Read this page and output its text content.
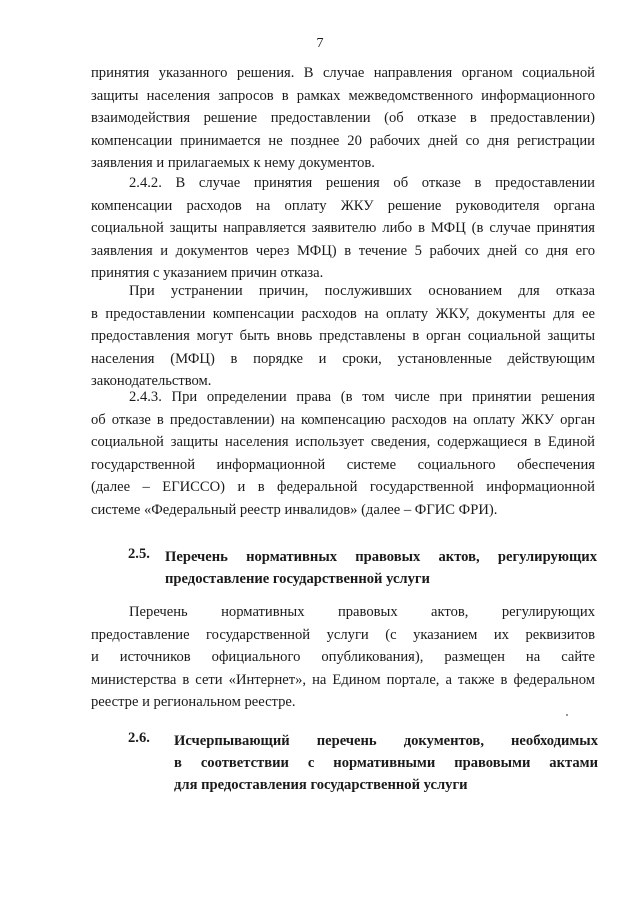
7
принятия указанного решения. В случае направления органом социальной
защиты населения запросов в рамках межведомственного информационного
взаимодействия решение предоставлении (об отказе в предоставлении)
компенсации принимается не позднее 20 рабочих дней со дня регистрации
заявления и прилагаемых к нему документов.
2.4.2. В случае принятия решения об отказе в предоставлении
компенсации расходов на оплату ЖКУ решение руководителя органа
социальной защиты направляется заявителю либо в МФЦ (в случае принятия
заявления и документов через МФЦ) в течение 5 рабочих дней со дня его
принятия с указанием причин отказа.
При устранении причин, послуживших основанием для отказа
в предоставлении компенсации расходов на оплату ЖКУ, документы для ее
предоставления могут быть вновь представлены в орган социальной защиты
населения (МФЦ) в порядке и сроки, установленные действующим
законодательством.
2.4.3. При определении права (в том числе при принятии решения
об отказе в предоставлении) на компенсацию расходов на оплату ЖКУ орган
социальной защиты населения использует сведения, содержащиеся в Единой
государственной информационной системе социального обеспечения
(далее – ЕГИССО) и в федеральной государственной информационной
системе «Федеральный реестр инвалидов» (далее – ФГИС ФРИ).
2.5. Перечень нормативных правовых актов, регулирующих
предоставление государственной услуги
Перечень нормативных правовых актов, регулирующих
предоставление государственной услуги (с указанием их реквизитов
и источников официального опубликования), размещен на сайте
министерства в сети «Интернет», на Едином портале, а также в федеральном
реестре и региональном реестре.
2.6. Исчерпывающий перечень документов, необходимых
в соответствии с нормативными правовыми актами
для предоставления государственной услуги
